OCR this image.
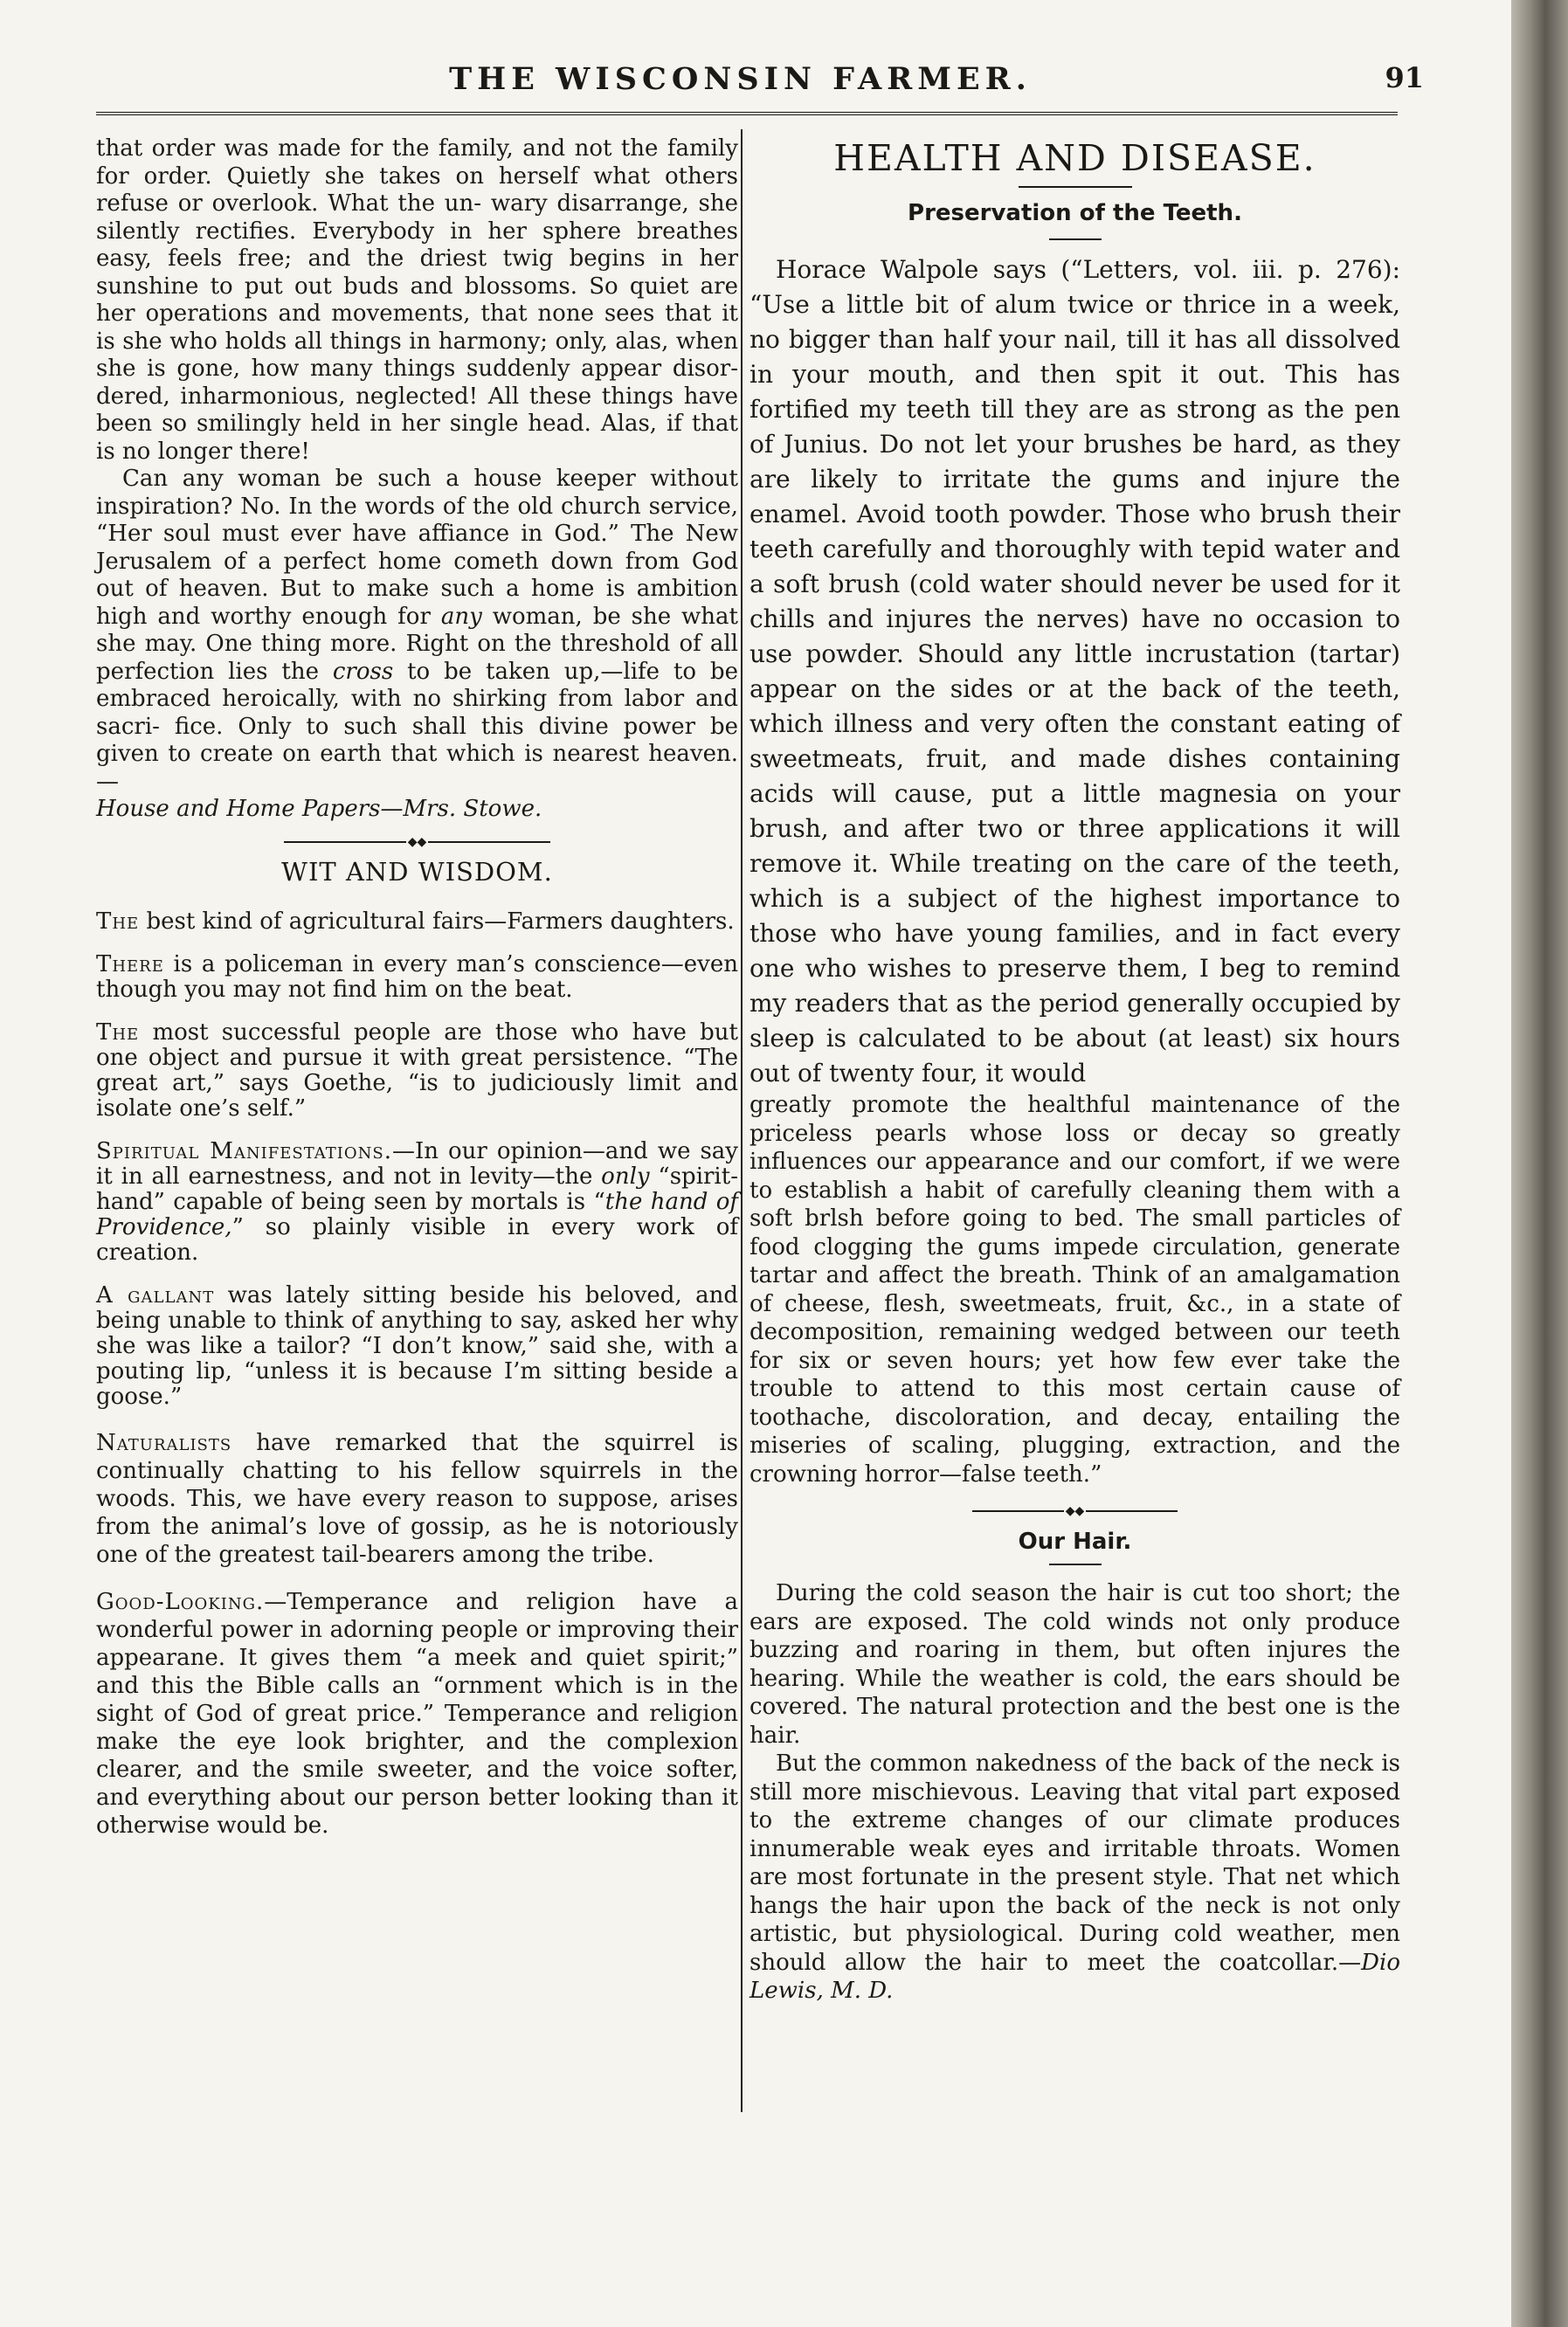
THE WISCONSIN FARMER.	91

that order was made for the family, and not the family for order. Quietly she takes on herself what others refuse or overlook. What the un- wary disarrange, she silently rectifies. Everybody in her sphere breathes easy, feels free; and the driest twig begins in her sunshine to put out buds and blossoms. So quiet are her operations and movements, that none sees that it is she who holds all things in harmony; only, alas, when she is gone, how many things suddenly appear disor- dered, inharmonious, neglected! All these things have been so smilingly held in her single head. Alas, if that is no longer there!

Can any woman be such a house keeper without inspiration? No. In the words of the old church service, “Her soul must ever have affiance in God.” The New Jerusalem of a perfect home cometh down from God out of heaven. But to make such a home is ambition high and worthy enough for any woman, be she what she may. One thing more. Right on the threshold of all perfection lies the cross to be taken up,—life to be embraced heroically, with no shirking from labor and sacri- fice. Only to such shall this divine power be given to create on earth that which is nearest heaven.—

House and Home Papers—Mrs. Stowe.

◆◆
WIT AND WISDOM.

The best kind of agricultural fairs—Farmers daughters.

There is a policeman in every man’s conscience—even though you may not find him on the beat.

The most successful people are those who have but one object and pursue it with great persistence. “The great art,” says Goethe, “is to judiciously limit and isolate one’s self.”

Spiritual Manifestations.—In our opinion—and we say it in all earnestness, and not in levity—the only “spirit-hand” capable of being seen by mortals is “the hand of Providence,” so plainly visible in every work of creation.

A gallant was lately sitting beside his beloved, and being unable to think of anything to say, asked her why she was like a tailor? “I don’t know,” said she, with a pouting lip, “unless it is because I’m sitting beside a goose.”

Naturalists have remarked that the squirrel is continually chatting to his fellow squirrels in the woods. This, we have every reason to suppose, arises from the animal’s love of gossip, as he is notoriously one of the greatest tail-bearers among the tribe.

Good-Looking.—Temperance and religion have a wonderful power in adorning people or improving their appearane. It gives them “a meek and quiet spirit;” and this the Bible calls an “ornment which is in the sight of God of great price.” Temperance and religion make the eye look brighter, and the complexion clearer, and the smile sweeter, and the voice softer, and everything about our person better looking than it otherwise would be.

HEALTH AND DISEASE.
Preservation of the Teeth.

Horace Walpole says (“Letters, vol. iii. p. 276): “Use a little bit of alum twice or thrice in a week, no bigger than half your nail, till it has all dissolved in your mouth, and then spit it out. This has fortified my teeth till they are as strong as the pen of Junius. Do not let your brushes be hard, as they are likely to irritate the gums and injure the enamel. Avoid tooth powder. Those who brush their teeth carefully and thoroughly with tepid water and a soft brush (cold water should never be used for it chills and injures the nerves) have no occasion to use powder. Should any little incrustation (tartar) appear on the sides or at the back of the teeth, which illness and very often the constant eating of sweetmeats, fruit, and made dishes containing acids will cause, put a little magnesia on your brush, and after two or three applications it will remove it. While treating on the care of the teeth, which is a subject of the highest importance to those who have young families, and in fact every one who wishes to preserve them, I beg to remind my readers that as the period generally occupied by sleep is calculated to be about (at least) six hours out of twenty four, it would

greatly promote the healthful maintenance of the priceless pearls whose loss or decay so greatly influences our appearance and our comfort, if we were to establish a habit of carefully cleaning them with a soft brlsh before going to bed. The small particles of food clogging the gums impede circulation, generate tartar and affect the breath. Think of an amalgamation of cheese, flesh, sweetmeats, fruit, &c., in a state of decomposition, remaining wedged between our teeth for six or seven hours; yet how few ever take the trouble to attend to this most certain cause of toothache, discoloration, and decay, entailing the miseries of scaling, plugging, extraction, and the crowning horror—false teeth.”

◆◆
Our Hair.

During the cold season the hair is cut too short; the ears are exposed. The cold winds not only produce buzzing and roaring in them, but often injures the hearing. While the weather is cold, the ears should be covered. The natural protection and the best one is the hair.

But the common nakedness of the back of the neck is still more mischievous. Leaving that vital part exposed to the extreme changes of our climate produces innumerable weak eyes and irritable throats. Women are most fortunate in the present style. That net which hangs the hair upon the back of the neck is not only artistic, but physiological. During cold weather, men should allow the hair to meet the coatcollar.—Dio Lewis, M. D.
